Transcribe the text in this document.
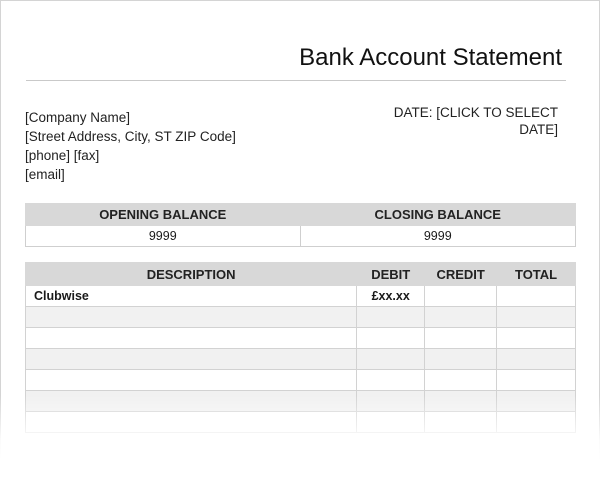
Bank Account Statement
[Company Name]
[Street Address, City, ST ZIP Code]
[phone] [fax]
[email]
DATE: [CLICK TO SELECT DATE]
OPENING BALANCE	CLOSING BALANCE
9999	9999
DESCRIPTION	DEBIT	CREDIT	TOTAL
Clubwise	£xx.xx		
